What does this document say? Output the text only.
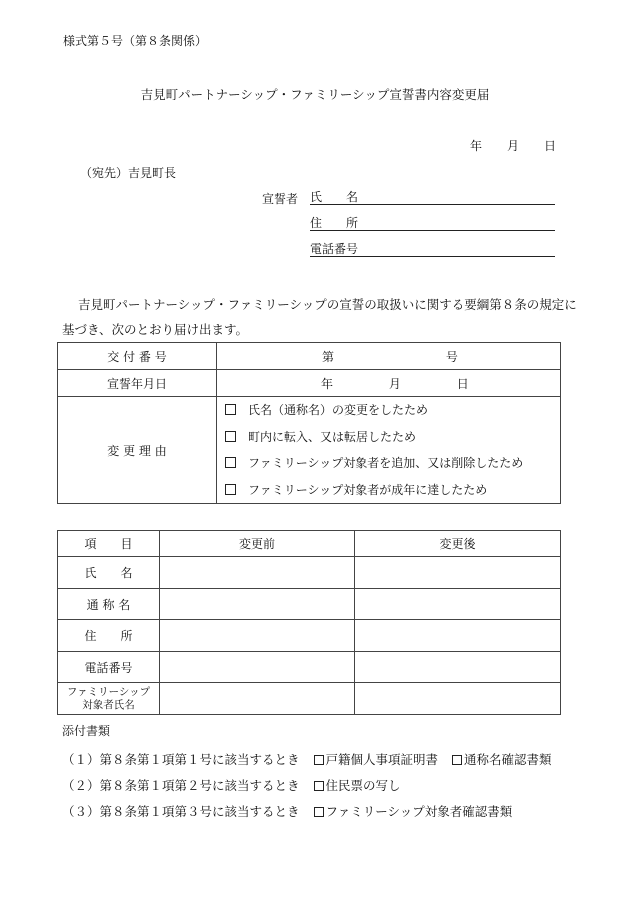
様式第５号（第８条関係）
吉見町パートナーシップ・ファミリーシップ宣誓書内容変更届
年 月 日
（宛先）吉見町長
宣誓者 氏　　名
住　　所
電話番号
吉見町パートナーシップ・ファミリーシップの宣誓の取扱いに関する要綱第８条の規定に
基づき、次のとおり届け出ます。
交 付 番 号	第 号
宣誓年月日	年 月 日
変 更 理 由	氏名（通称名）の変更をしたため
町内に転入、又は転居したため
ファミリーシップ対象者を追加、又は削除したため
ファミリーシップ対象者が成年に達したため
項　　目	変更前	変更後
氏　　名		
通 称 名		
住　　所		
電話番号		

ファミリーシップ
対象者氏名		

添付書類
（１）第８条第１項第１号に該当するとき 戸籍個人事項証明書 通称名確認書類
（２）第８条第１項第２号に該当するとき 住民票の写し
（３）第８条第１項第３号に該当するとき ファミリーシップ対象者確認書類
